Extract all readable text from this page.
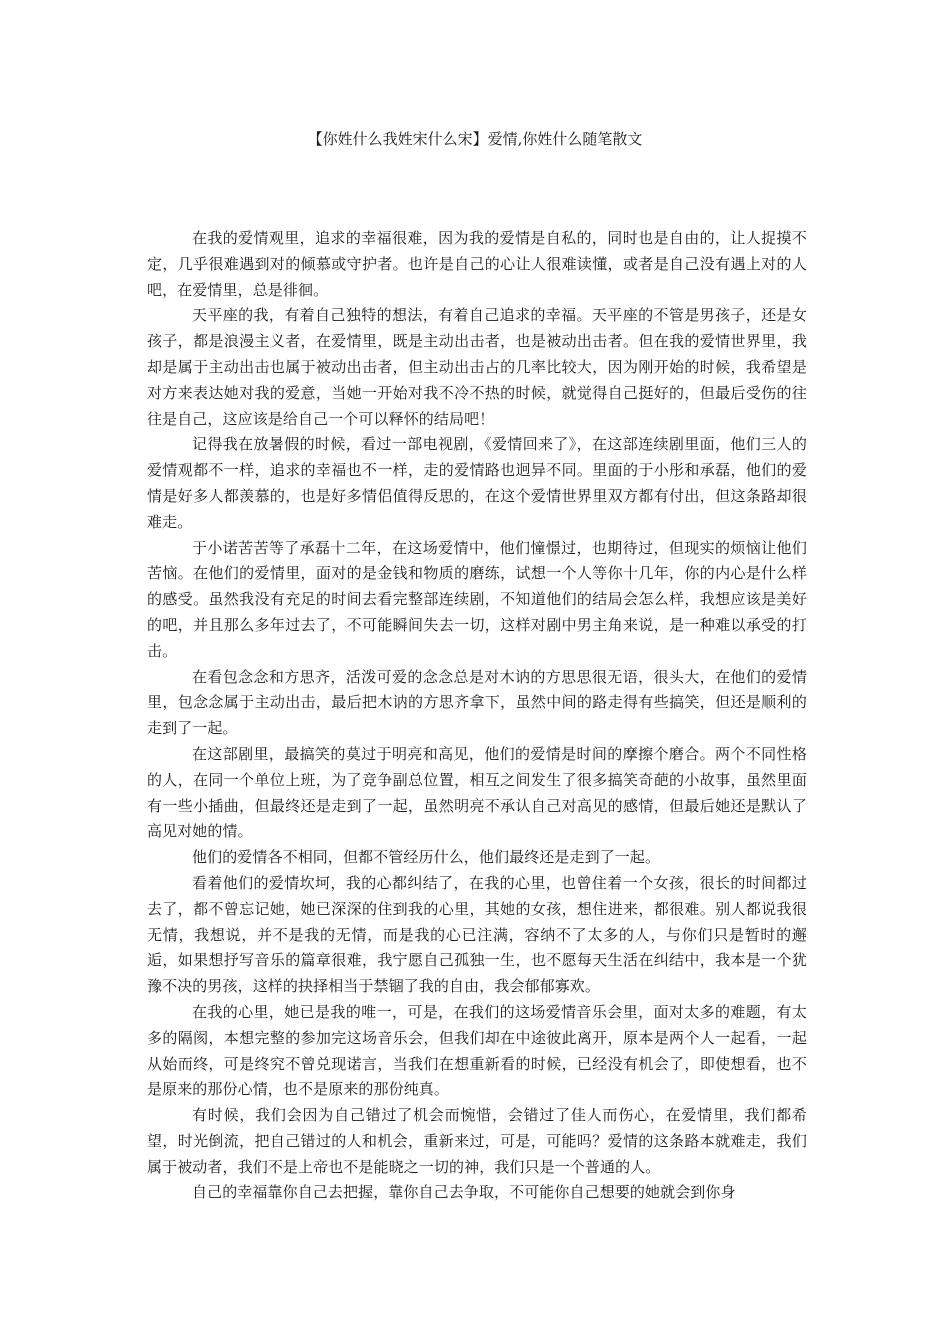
【你姓什么我姓宋什么宋】爱情,你姓什么随笔散文

在我的爱情观里，追求的幸福很难，因为我的爱情是自私的，同时也是自由的，让人捉摸不定，几乎很难遇到对的倾慕或守护者。也许是自己的心让人很难读懂，或者是自己没有遇上对的人吧，在爱情里，总是徘徊。

天平座的我，有着自己独特的想法，有着自己追求的幸福。天平座的不管是男孩子，还是女孩子，都是浪漫主义者，在爱情里，既是主动出击者，也是被动出击者。但在我的爱情世界里，我却是属于主动出击也属于被动出击者，但主动出击占的几率比较大，因为刚开始的时候，我希望是对方来表达她对我的爱意，当她一开始对我不冷不热的时候，就觉得自己挺好的，但最后受伤的往往是自己，这应该是给自己一个可以释怀的结局吧！

记得我在放暑假的时候，看过一部电视剧，《爱情回来了》，在这部连续剧里面，他们三人的爱情观都不一样，追求的幸福也不一样，走的爱情路也迥异不同。里面的于小彤和承磊，他们的爱情是好多人都羡慕的，也是好多情侣值得反思的，在这个爱情世界里双方都有付出，但这条路却很难走。

于小诺苦苦等了承磊十二年，在这场爱情中，他们憧憬过，也期待过，但现实的烦恼让他们苦恼。在他们的爱情里，面对的是金钱和物质的磨练，试想一个人等你十几年，你的内心是什么样的感受。虽然我没有充足的时间去看完整部连续剧，不知道他们的结局会怎么样，我想应该是美好的吧，并且那么多年过去了，不可能瞬间失去一切，这样对剧中男主角来说，是一种难以承受的打击。

在看包念念和方思齐，活泼可爱的念念总是对木讷的方思思很无语，很头大，在他们的爱情里，包念念属于主动出击，最后把木讷的方思齐拿下，虽然中间的路走得有些搞笑，但还是顺利的走到了一起。

在这部剧里，最搞笑的莫过于明亮和高见，他们的爱情是时间的摩擦个磨合。两个不同性格的人，在同一个单位上班，为了竞争副总位置，相互之间发生了很多搞笑奇葩的小故事，虽然里面有一些小插曲，但最终还是走到了一起，虽然明亮不承认自己对高见的感情，但最后她还是默认了高见对她的情。

他们的爱情各不相同，但都不管经历什么，他们最终还是走到了一起。

看着他们的爱情坎坷，我的心都纠结了，在我的心里，也曾住着一个女孩，很长的时间都过去了，都不曾忘记她，她已深深的住到我的心里，其她的女孩，想住进来，都很难。别人都说我很无情，我想说，并不是我的无情，而是我的心已注满，容纳不了太多的人，与你们只是暂时的邂逅，如果想抒写音乐的篇章很难，我宁愿自己孤独一生，也不愿每天生活在纠结中，我本是一个犹豫不决的男孩，这样的抉择相当于禁锢了我的自由，我会郁郁寡欢。

在我的心里，她已是我的唯一，可是，在我们的这场爱情音乐会里，面对太多的难题，有太多的隔阂，本想完整的参加完这场音乐会，但我们却在中途彼此离开，原本是两个人一起看，一起从始而终，可是终究不曾兑现诺言，当我们在想重新看的时候，已经没有机会了，即使想看，也不是原来的那份心情，也不是原来的那份纯真。

有时候，我们会因为自己错过了机会而惋惜，会错过了佳人而伤心，在爱情里，我们都希望，时光倒流，把自己错过的人和机会，重新来过，可是，可能吗？爱情的这条路本就难走，我们属于被动者，我们不是上帝也不是能晓之一切的神，我们只是一个普通的人。

自己的幸福靠你自己去把握，靠你自己去争取，不可能你自己想要的她就会到你身
